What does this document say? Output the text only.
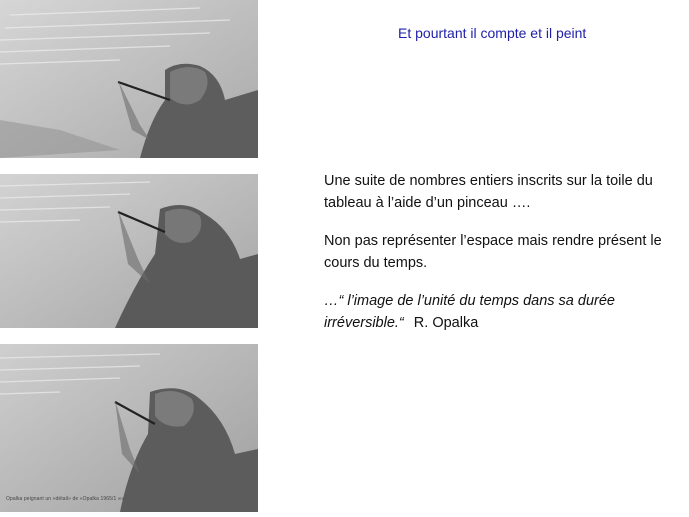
Opalka peignant un «détail» de «Opalka 1965/1 ∞»
Et pourtant il compte et il peint
Une suite de nombres entiers inscrits sur la toile du tableau à l’aide d’un pinceau ….
Non pas représenter l’espace mais rendre présent le cours du temps.
…“ l’image de l’unité du temps dans sa durée irréversible.“ R. Opalka
